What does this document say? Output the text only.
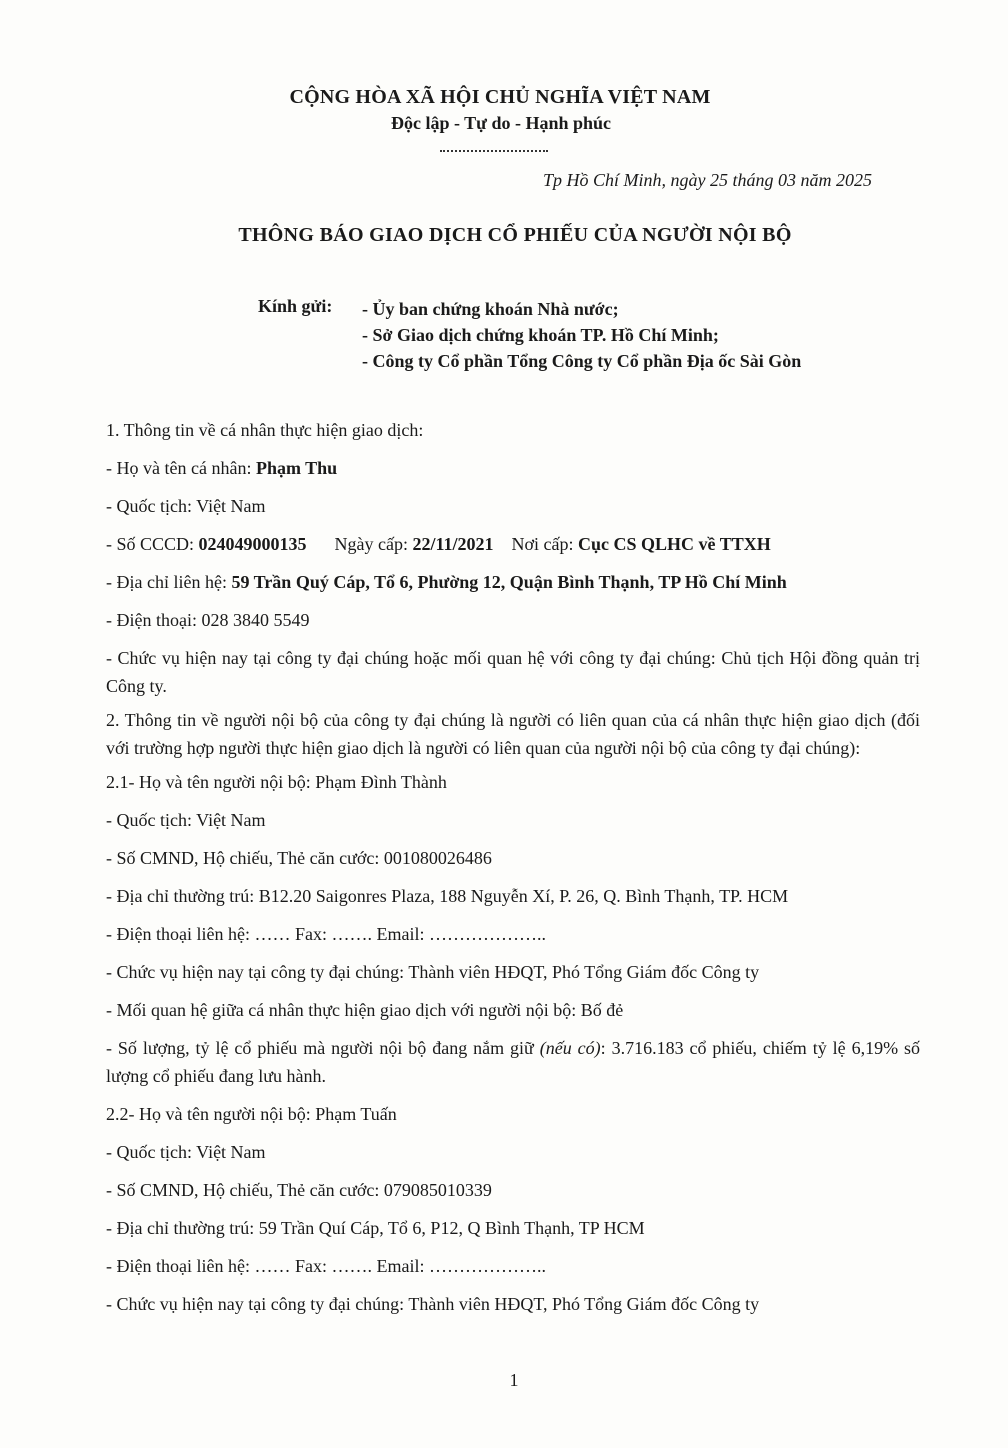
CỘNG HÒA XÃ HỘI CHỦ NGHĨA VIỆT NAM
Độc lập - Tự do - Hạnh phúc
Tp Hồ Chí Minh, ngày 25 tháng 03 năm 2025
THÔNG BÁO GIAO DỊCH CỔ PHIẾU CỦA NGƯỜI NỘI BỘ
Kính gửi: - Ủy ban chứng khoán Nhà nước;
- Sở Giao dịch chứng khoán TP. Hồ Chí Minh;
- Công ty Cổ phần Tổng Công ty Cổ phần Địa ốc Sài Gòn
1. Thông tin về cá nhân thực hiện giao dịch:
- Họ và tên cá nhân: Phạm Thu
- Quốc tịch: Việt Nam
- Số CCCD: 024049000135 Ngày cấp: 22/11/2021 Nơi cấp: Cục CS QLHC về TTXH
- Địa chỉ liên hệ: 59 Trần Quý Cáp, Tổ 6, Phường 12, Quận Bình Thạnh, TP Hồ Chí Minh
- Điện thoại: 028 3840 5549
- Chức vụ hiện nay tại công ty đại chúng hoặc mối quan hệ với công ty đại chúng: Chủ tịch Hội đồng quản trị Công ty.
2. Thông tin về người nội bộ của công ty đại chúng là người có liên quan của cá nhân thực hiện giao dịch (đối với trường hợp người thực hiện giao dịch là người có liên quan của người nội bộ của công ty đại chúng):
2.1- Họ và tên người nội bộ: Phạm Đình Thành
- Quốc tịch: Việt Nam
- Số CMND, Hộ chiếu, Thẻ căn cước: 001080026486
- Địa chỉ thường trú: B12.20 Saigonres Plaza, 188 Nguyễn Xí, P. 26, Q. Bình Thạnh, TP. HCM
- Điện thoại liên hệ: …… Fax: ……. Email: ………………..
- Chức vụ hiện nay tại công ty đại chúng: Thành viên HĐQT, Phó Tổng Giám đốc Công ty
- Mối quan hệ giữa cá nhân thực hiện giao dịch với người nội bộ: Bố đẻ
- Số lượng, tỷ lệ cổ phiếu mà người nội bộ đang nắm giữ (nếu có): 3.716.183 cổ phiếu, chiếm tỷ lệ 6,19% số lượng cổ phiếu đang lưu hành.
2.2- Họ và tên người nội bộ: Phạm Tuấn
- Quốc tịch: Việt Nam
- Số CMND, Hộ chiếu, Thẻ căn cước: 079085010339
- Địa chỉ thường trú: 59 Trần Quí Cáp, Tổ 6, P12, Q Bình Thạnh, TP HCM
- Điện thoại liên hệ: …… Fax: ……. Email: ………………..
- Chức vụ hiện nay tại công ty đại chúng: Thành viên HĐQT, Phó Tổng Giám đốc Công ty
1
